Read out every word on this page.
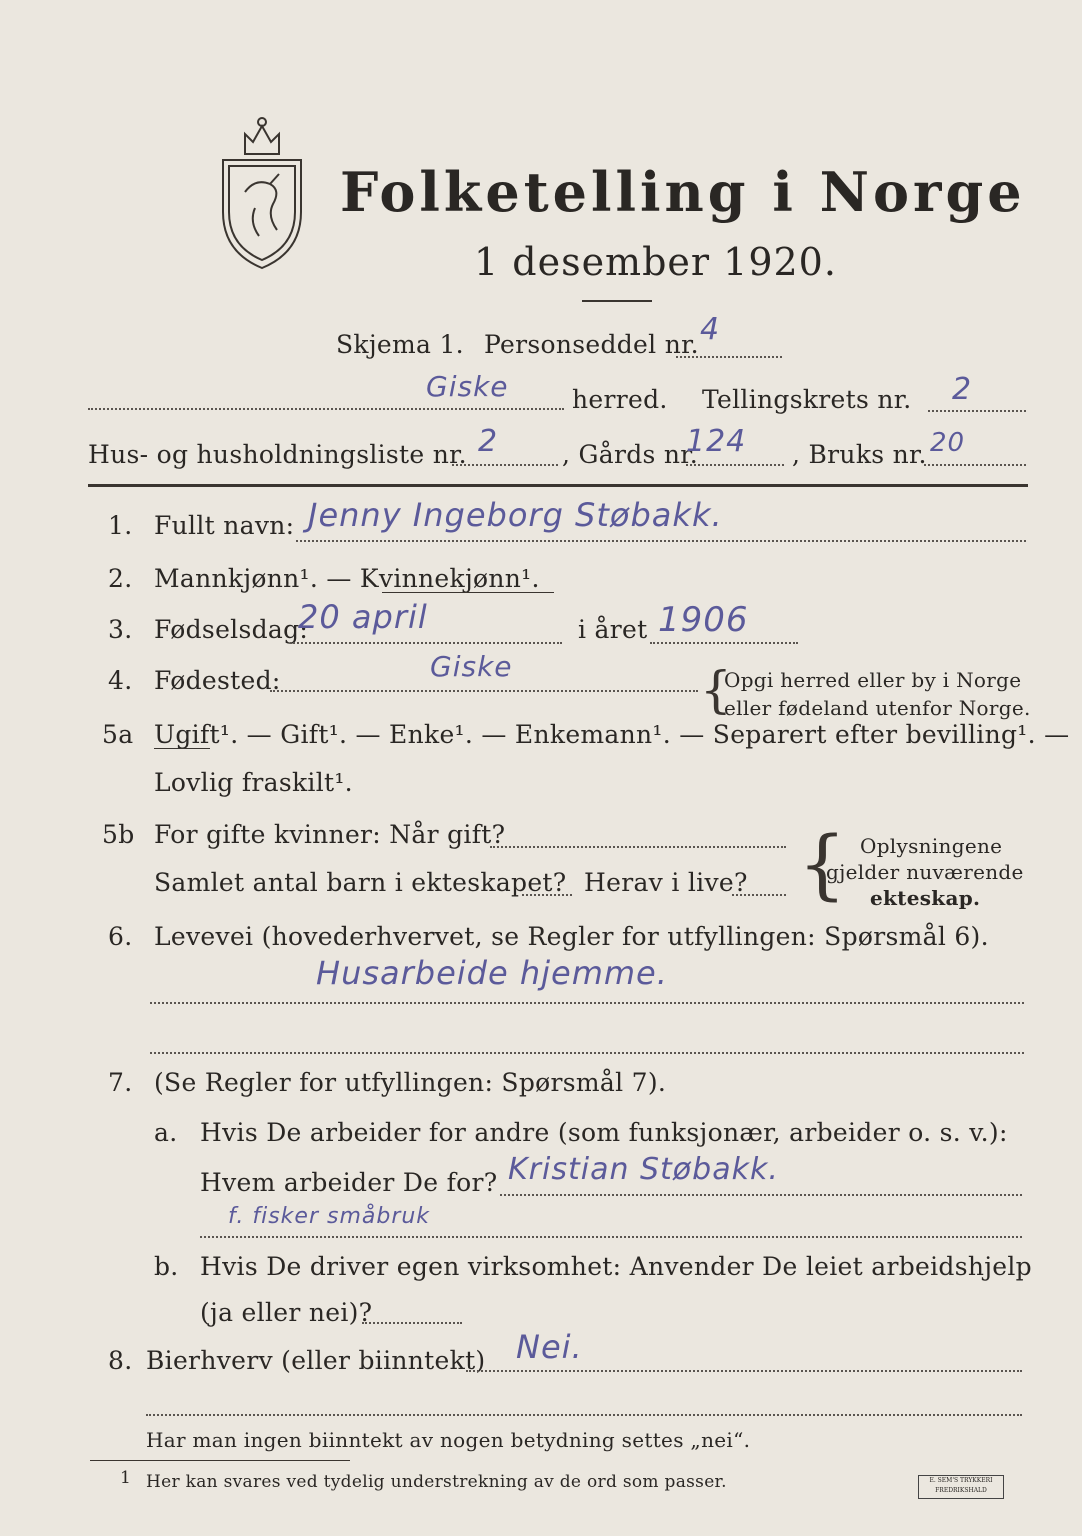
Folketelling i Norge
1 desember 1920.
Skjema 1. Personseddel nr. 4
Giske	herred. Tellingskrets nr. 2
Hus- og husholdningsliste nr. 2	, Gårds nr.
124 , Bruks nr. 20
1. Fullt navn: Jenny Ingeborg Støbakk.
2. Mannkjønn¹. — Kvinnekjønn¹.
3. Fødselsdag:
20 april	i året 1906
4. Fødested:	Giske	{
Opgi herred eller by i Norge
eller fødeland utenfor Norge.
5a Ugift¹. — Gift¹. — Enke¹. — Enkemann¹. — Separert efter bevilling¹. —
Lovlig fraskilt¹.
5b For gifte kvinner: Når gift?
Samlet antal barn i ekteskapet? Herav i live? { Oplysningene
gjelder nuværende
ekteskap.
6. Levevei (hovederhvervet, se Regler for utfyllingen: Spørsmål 6).
Husarbeide hjemme.
7. (Se Regler for utfyllingen: Spørsmål 7).
a. Hvis De arbeider for andre (som funksjonær, arbeider o. s. v.):
Hvem arbeider De for? Kristian Støbakk.
f. fisker småbruk
b. Hvis De driver egen virksomhet: Anvender De leiet arbeidshjelp
(ja eller nei)?
8. Bierhverv (eller biinntekt) Nei.
Har man ingen biinntekt av nogen betydning settes „nei“.
1 Her kan svares ved tydelig understrekning av de ord som passer.	E. SEM'S TRYKKERI FREDRIKSHALD
